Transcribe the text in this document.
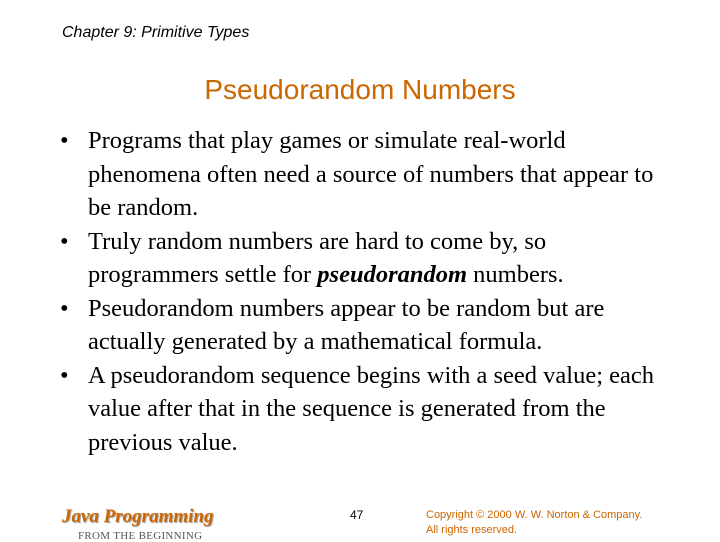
Chapter 9: Primitive Types
Pseudorandom Numbers
• Programs that play games or simulate real-world phenomena often need a source of numbers that appear to be random.
• Truly random numbers are hard to come by, so programmers settle for pseudorandom numbers.
• Pseudorandom numbers appear to be random but are actually generated by a mathematical formula.
• A pseudorandom sequence begins with a seed value; each value after that in the sequence is generated from the previous value.
Java Programming
FROM THE BEGINNING
47	Copyright © 2000 W. W. Norton & Company.
All rights reserved.
